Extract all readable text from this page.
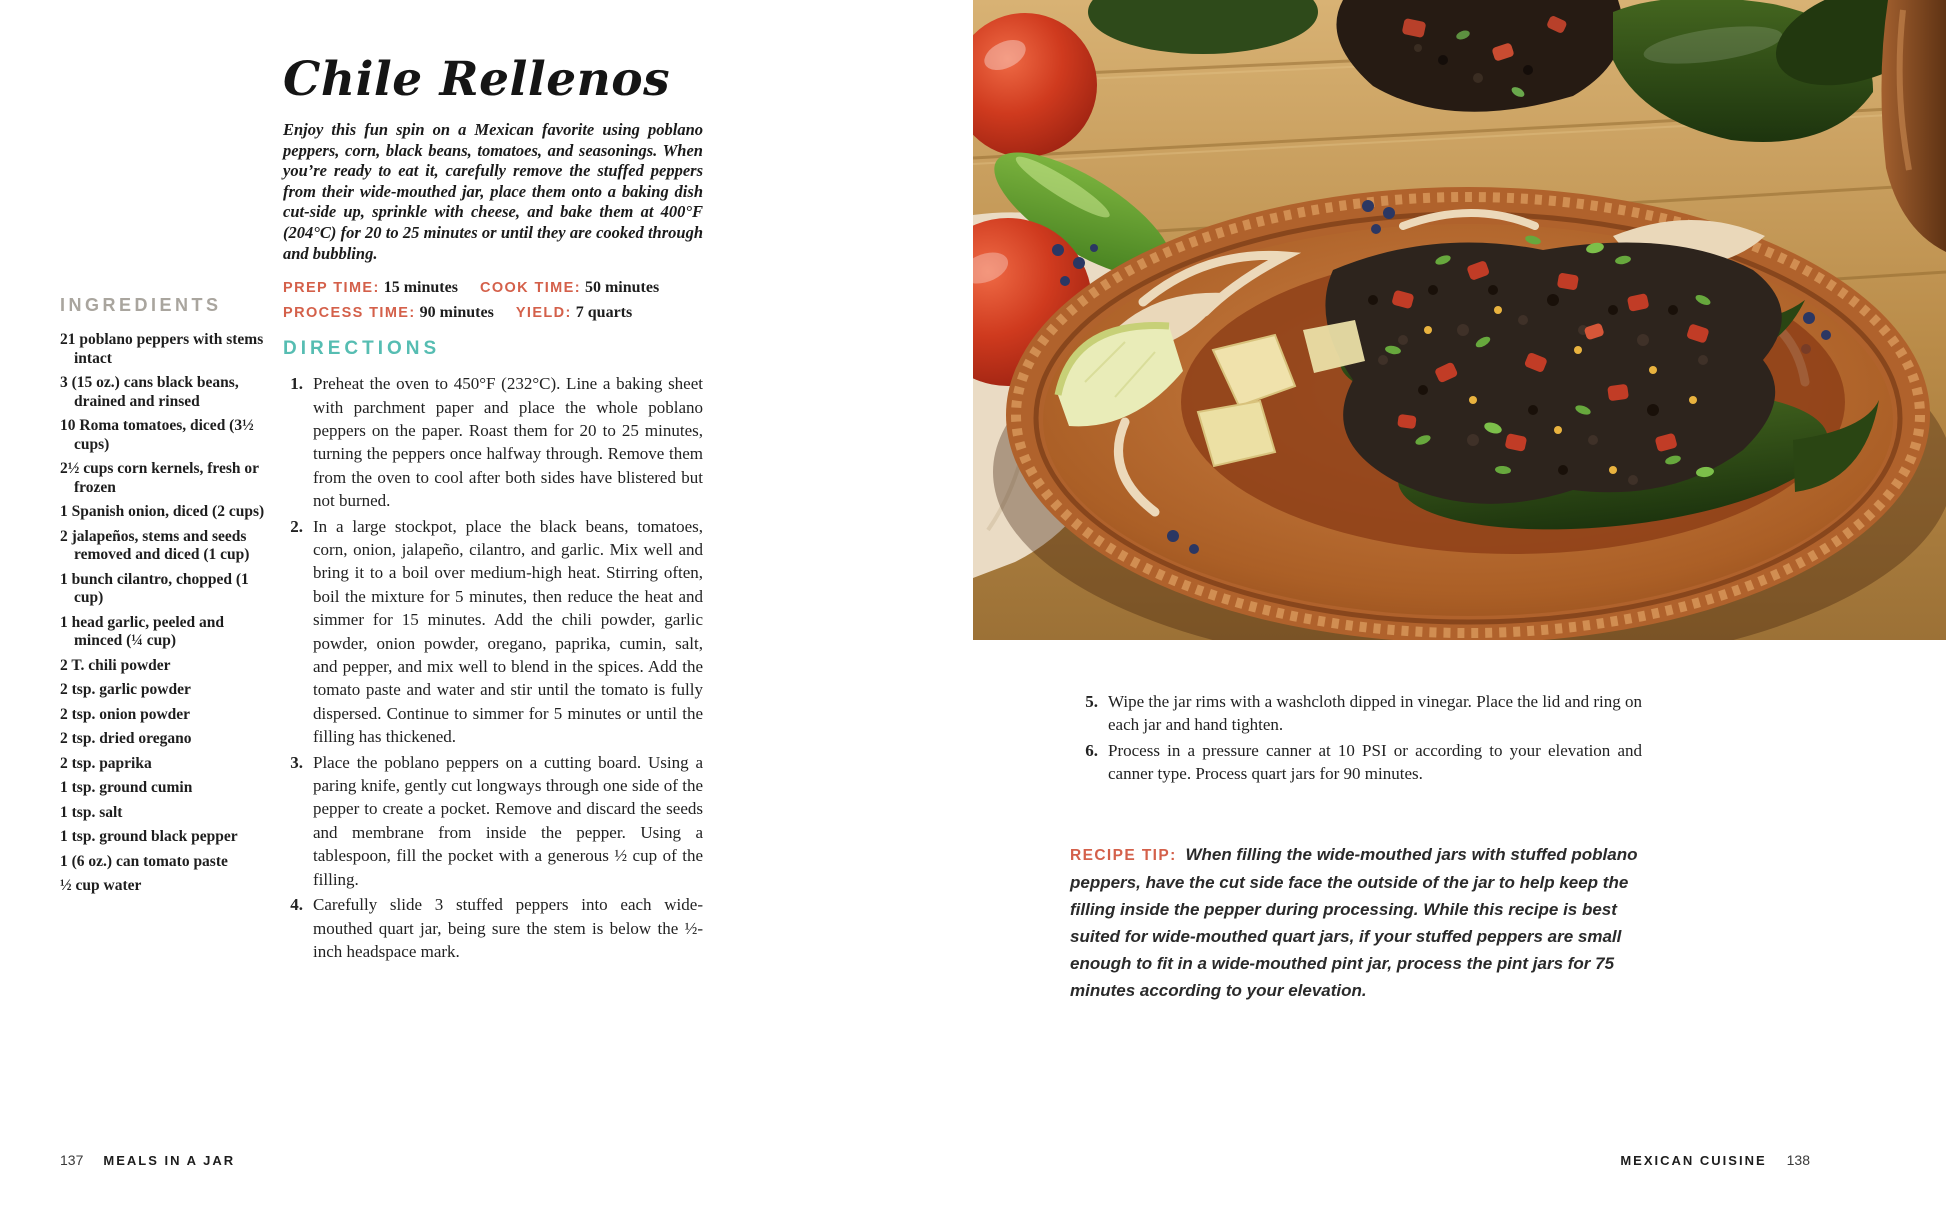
INGREDIENTS
21 poblano peppers with stems intact
3 (15 oz.) cans black beans, drained and rinsed
10 Roma tomatoes, diced (3½ cups)
2½ cups corn kernels, fresh or frozen
1 Spanish onion, diced (2 cups)
2 jalapeños, stems and seeds removed and diced (1 cup)
1 bunch cilantro, chopped (1 cup)
1 head garlic, peeled and minced (¼ cup)
2 T. chili powder
2 tsp. garlic powder
2 tsp. onion powder
2 tsp. dried oregano
2 tsp. paprika
1 tsp. ground cumin
1 tsp. salt
1 tsp. ground black pepper
1 (6 oz.) can tomato paste
½ cup water
Chile Rellenos

Enjoy this fun spin on a Mexican favorite using poblano peppers, corn, black beans, tomatoes, and seasonings. When you’re ready to eat it, carefully remove the stuffed peppers from their wide-mouthed jar, place them onto a baking dish cut-side up, sprinkle with cheese, and bake them at 400°F (204°C) for 20 to 25 minutes or until they are cooked through and bubbling.

PREP TIME: 15 minutes COOK TIME: 50 minutes
PROCESS TIME: 90 minutes YIELD: 7 quarts
DIRECTIONS
1. Preheat the oven to 450°F (232°C). Line a baking sheet with parchment paper and place the whole poblano peppers on the paper. Roast them for 20 to 25 minutes, turning the peppers once halfway through. Remove them from the oven to cool after both sides have blistered but not burned.
2. In a large stockpot, place the black beans, tomatoes, corn, onion, jalapeño, cilantro, and garlic. Mix well and bring it to a boil over medium-high heat. Stirring often, boil the mixture for 5 minutes, then reduce the heat and simmer for 15 minutes. Add the chili powder, garlic powder, onion powder, oregano, paprika, cumin, salt, and pepper, and mix well to blend in the spices. Add the tomato paste and water and stir until the tomato is fully dispersed. Continue to simmer for 5 minutes or until the filling has thickened.
3. Place the poblano peppers on a cutting board. Using a paring knife, gently cut longways through one side of the pepper to create a pocket. Remove and discard the seeds and membrane from inside the pepper. Using a tablespoon, fill the pocket with a generous ½ cup of the filling.
4. Carefully slide 3 stuffed peppers into each wide-mouthed quart jar, being sure the stem is below the ½-inch headspace mark.
5. Wipe the jar rims with a washcloth dipped in vinegar. Place the lid and ring on each jar and hand tighten.
6. Process in a pressure canner at 10 PSI or according to your elevation and canner type. Process quart jars for 90 minutes.

RECIPE TIP: When filling the wide-mouthed jars with stuffed poblano peppers, have the cut side face the outside of the jar to help keep the filling inside the pepper during processing. While this recipe is best suited for wide-mouthed quart jars, if your stuffed peppers are small enough to fit in a wide-mouthed pint jar, process the pint jars for 75 minutes according to your elevation.

137 MEALS IN A JAR	MEXICAN CUISINE 138
